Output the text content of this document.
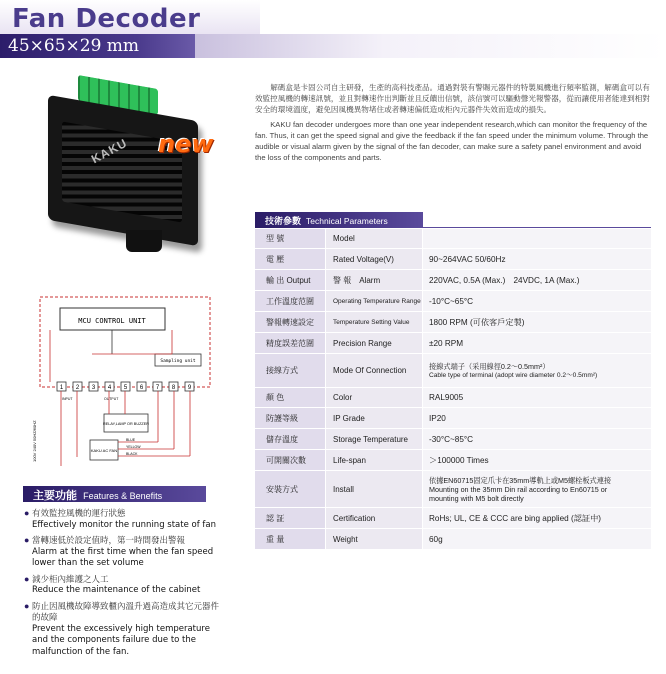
Fan Decoder
45×65×29 mm
KAKU new
MCU CONTROL UNIT
Sampling unit
1 2 3 4 5 6 7 8 9
INPUT	OUTPUT
RELAY,LAMP OR BUZZER
KAKU AC FAN
100V 240V 50HZ/60HZ	BLUE
YELLOW
BLACK
主要功能 Features & Benefits
● 有效監控風機的運行狀態
Effectively monitor the running state of fan
● 當轉速低於設定值時，第一時間發出警報
Alarm at the first time when the fan speed lower than the set volume
● 減少柜內維護之人工
Reduce the maintenance of the cabinet
● 防止因風機故障導致櫃內溫升過高造成其它元器件的故障
Prevent the excessively high temperature and the components failure due to the malfunction of the fan.

解碼盒是卡固公司自主研發，生產的高科技產品。通過對裝有警賜元器件的特製風機進行頻率監測，解碼盒可以有效監控風機的轉速訊號，並且對轉速作出判斷並且反饋出信號，該信號可以驅動聲光報警器，從而讓使用者能達到相對安全的環境溫度，避免因風機異物堵住或者轉速偏低造成柜內元器件失效而造成的損失。

KAKU fan decoder undergoes more than one year independent research,which can monitor the frequency of the fan. Thus, it can get the speed signal and give the feedback if the fan speed under the minimum volume. Through the audible or visual alarm given by the signal of the fan decoder, can make sure a safety panel environment and avoid the loss of the components and parts.

技術參數 Technical Parameters
型 號	Model
電 壓	Rated Voltage(V)	90~264VAC 50/60Hz
輸 出 Output	警 報　Alarm	220VAC, 0.5A (Max.)　24VDC, 1A (Max.)
工作溫度范圍	Operating Temperature Range -10°C~65°C
警報轉速設定	Temperature Setting Value	1800 RPM (可依客戶定製)
精度誤差范圍	Precision Range	±20 RPM
接線方式	Mode Of Connection	接線式端子（采用線徑0.2～0.5mm²）
Cable type of terminal (adopt wire diameter 0.2～0.5mm²)
顏 色	Color	RAL9005
防護等級	IP Grade	IP20
儲存溫度	Storage Temperature	-30°C~85°C
可開關次數	Life-span	＞100000 Times
安裝方式	Install
依據EN60715固定爪卡在35mm導軌上或M5螺栓板式連接
Mounting on the 35mm Din rail according to En60715 or
mounting with M5 bolt directly
認 証	Certification	RoHs; UL, CE & CCC are bing applied (認証中)
重 量	Weight	60g
